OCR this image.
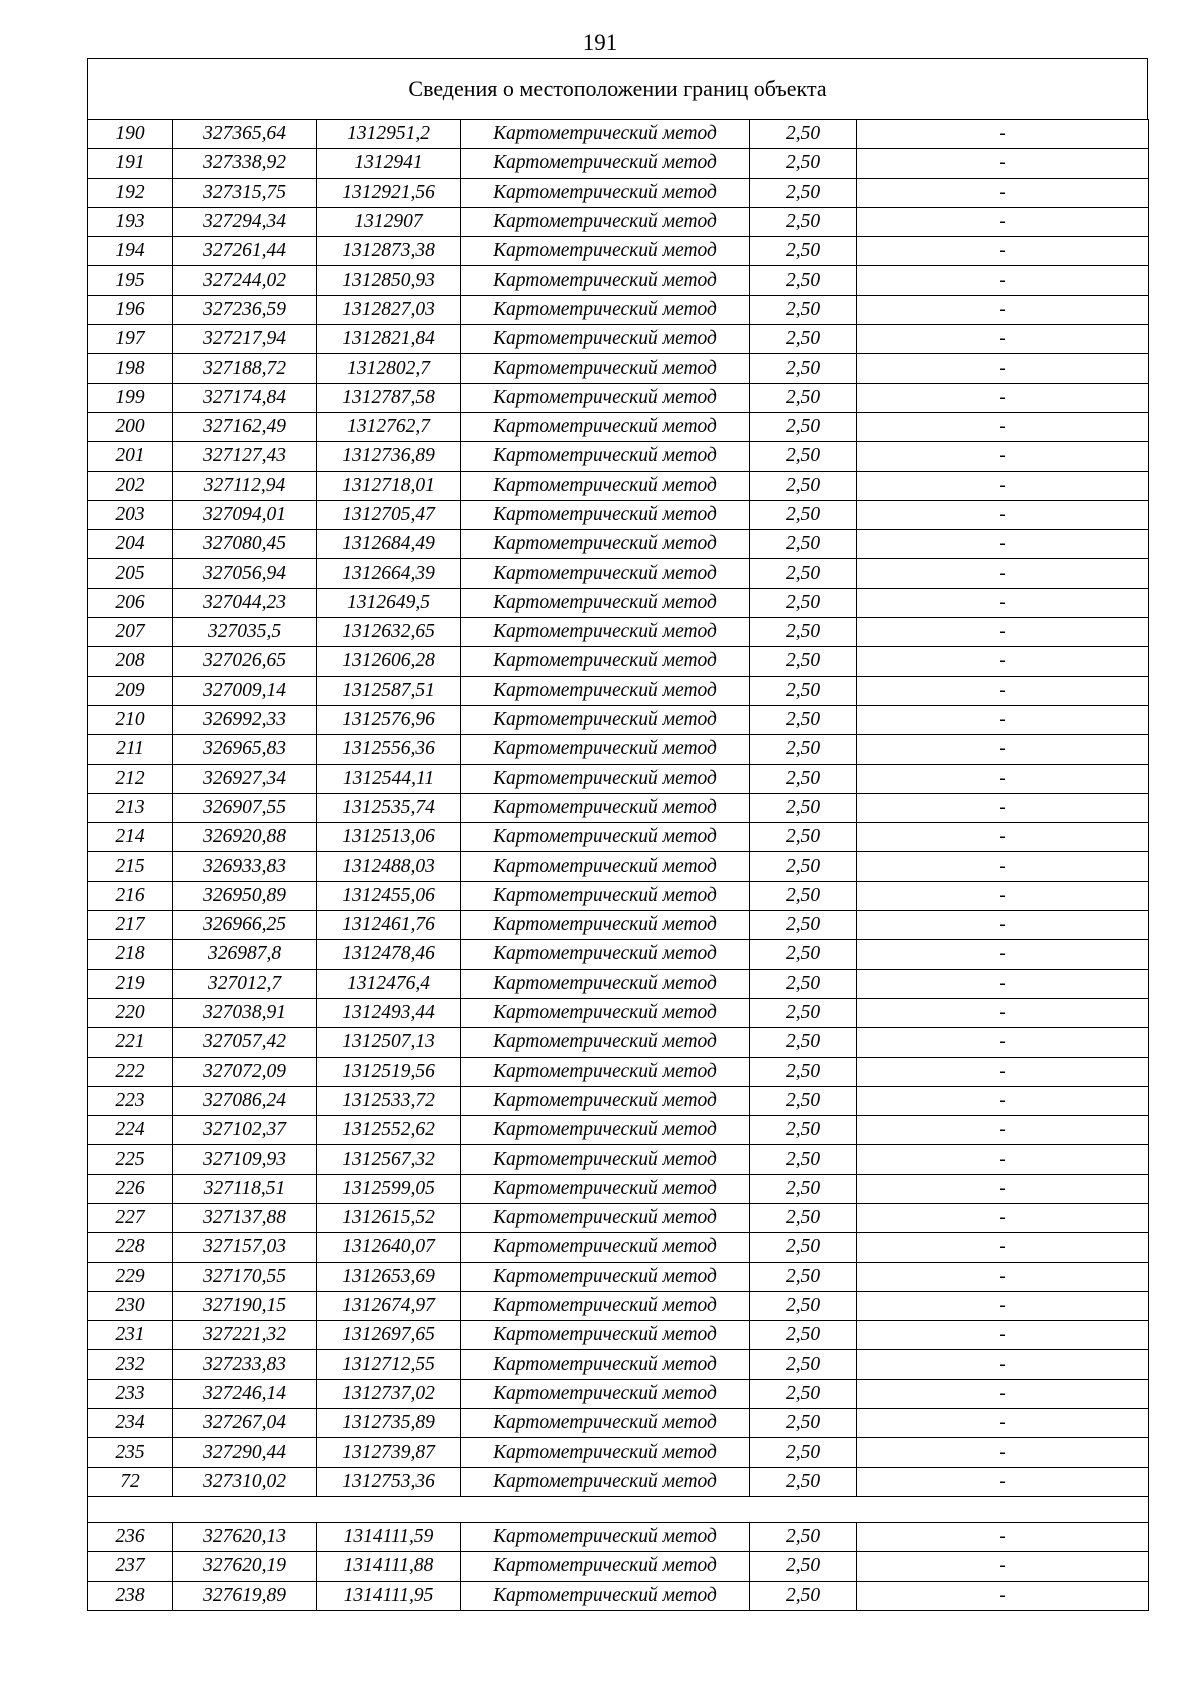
191
Сведения о местоположении границ объекта
190	327365,64	1312951,2	Картометрический метод	2,50	-
191	327338,92	1312941	Картометрический метод	2,50	-
192	327315,75	1312921,56	Картометрический метод	2,50	-
193	327294,34	1312907	Картометрический метод	2,50	-
194	327261,44	1312873,38	Картометрический метод	2,50	-
195	327244,02	1312850,93	Картометрический метод	2,50	-
196	327236,59	1312827,03	Картометрический метод	2,50	-
197	327217,94	1312821,84	Картометрический метод	2,50	-
198	327188,72	1312802,7	Картометрический метод	2,50	-
199	327174,84	1312787,58	Картометрический метод	2,50	-
200	327162,49	1312762,7	Картометрический метод	2,50	-
201	327127,43	1312736,89	Картометрический метод	2,50	-
202	327112,94	1312718,01	Картометрический метод	2,50	-
203	327094,01	1312705,47	Картометрический метод	2,50	-
204	327080,45	1312684,49	Картометрический метод	2,50	-
205	327056,94	1312664,39	Картометрический метод	2,50	-
206	327044,23	1312649,5	Картометрический метод	2,50	-
207	327035,5	1312632,65	Картометрический метод	2,50	-
208	327026,65	1312606,28	Картометрический метод	2,50	-
209	327009,14	1312587,51	Картометрический метод	2,50	-
210	326992,33	1312576,96	Картометрический метод	2,50	-
211	326965,83	1312556,36	Картометрический метод	2,50	-
212	326927,34	1312544,11	Картометрический метод	2,50	-
213	326907,55	1312535,74	Картометрический метод	2,50	-
214	326920,88	1312513,06	Картометрический метод	2,50	-
215	326933,83	1312488,03	Картометрический метод	2,50	-
216	326950,89	1312455,06	Картометрический метод	2,50	-
217	326966,25	1312461,76	Картометрический метод	2,50	-
218	326987,8	1312478,46	Картометрический метод	2,50	-
219	327012,7	1312476,4	Картометрический метод	2,50	-
220	327038,91	1312493,44	Картометрический метод	2,50	-
221	327057,42	1312507,13	Картометрический метод	2,50	-
222	327072,09	1312519,56	Картометрический метод	2,50	-
223	327086,24	1312533,72	Картометрический метод	2,50	-
224	327102,37	1312552,62	Картометрический метод	2,50	-
225	327109,93	1312567,32	Картометрический метод	2,50	-
226	327118,51	1312599,05	Картометрический метод	2,50	-
227	327137,88	1312615,52	Картометрический метод	2,50	-
228	327157,03	1312640,07	Картометрический метод	2,50	-
229	327170,55	1312653,69	Картометрический метод	2,50	-
230	327190,15	1312674,97	Картометрический метод	2,50	-
231	327221,32	1312697,65	Картометрический метод	2,50	-
232	327233,83	1312712,55	Картометрический метод	2,50	-
233	327246,14	1312737,02	Картометрический метод	2,50	-
234	327267,04	1312735,89	Картометрический метод	2,50	-
235	327290,44	1312739,87	Картометрический метод	2,50	-
72	327310,02	1312753,36	Картометрический метод	2,50	-

236	327620,13	1314111,59	Картометрический метод	2,50	-
237	327620,19	1314111,88	Картометрический метод	2,50	-
238	327619,89	1314111,95	Картометрический метод	2,50	-
